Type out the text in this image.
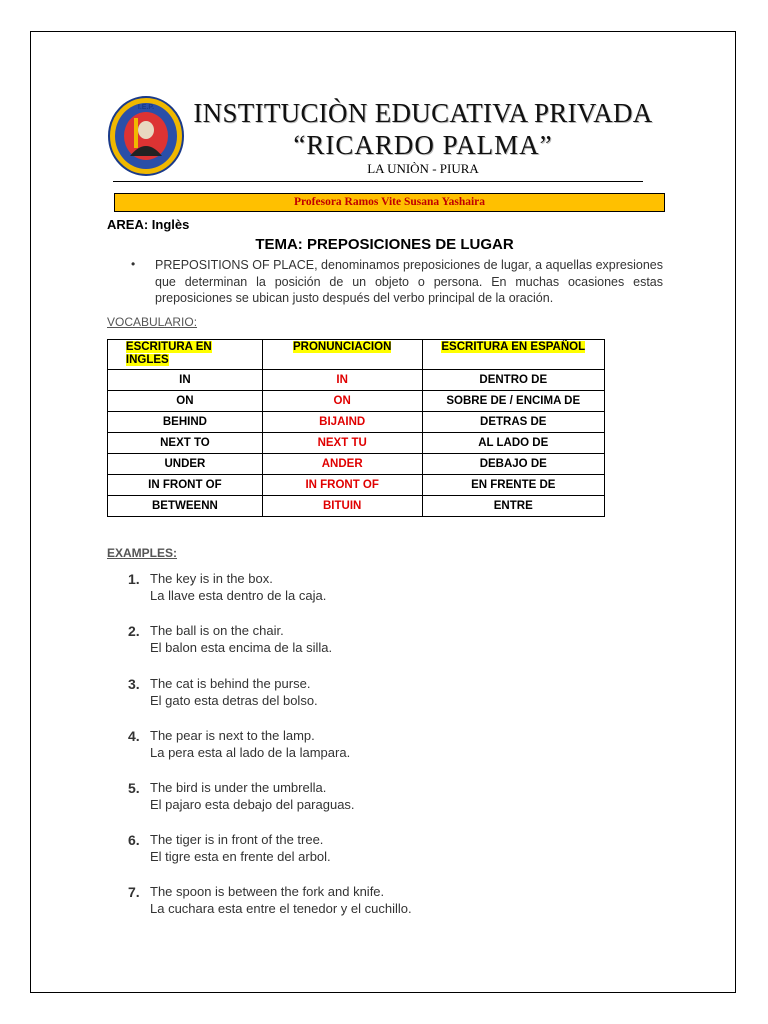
I.E.P. INSTITUCIÒN EDUCATIVA PRIVADA
“RICARDO PALMA”
LA UNIÒN - PIURA
Profesora Ramos Vite Susana Yashaira
AREA: Inglès
TEMA: PREPOSICIONES DE LUGAR
• PREPOSITIONS OF PLACE, denominamos preposiciones de lugar, a aquellas expresiones que determinan la posición de un objeto o persona. En muchas ocasiones estas preposiciones se ubican justo después del verbo principal de la oración.
VOCABULARIO:
ESCRITURA EN INGLES	PRONUNCIACION	ESCRITURA EN ESPAÑOL
IN	IN	DENTRO DE
ON	ON	SOBRE DE / ENCIMA DE
BEHIND	BIJAIND	DETRAS DE
NEXT TO	NEXT TU	AL LADO DE
UNDER	ANDER	DEBAJO DE
IN FRONT OF	IN FRONT OF	EN FRENTE DE
BETWEENN	BITUIN	ENTRE
EXAMPLES:
1. The key is in the box.
La llave esta dentro de la caja.
2. The ball is on the chair.
El balon esta encima de la silla.
3. The cat is behind the purse.
El gato esta detras del bolso.
4. The pear is next to the lamp.
La pera esta al lado de la lampara.
5. The bird is under the umbrella.
El pajaro esta debajo del paraguas.
6. The tiger is in front of the tree.
El tigre esta en frente del arbol.
7. The spoon is between the fork and knife.
La cuchara esta entre el tenedor y el cuchillo.
